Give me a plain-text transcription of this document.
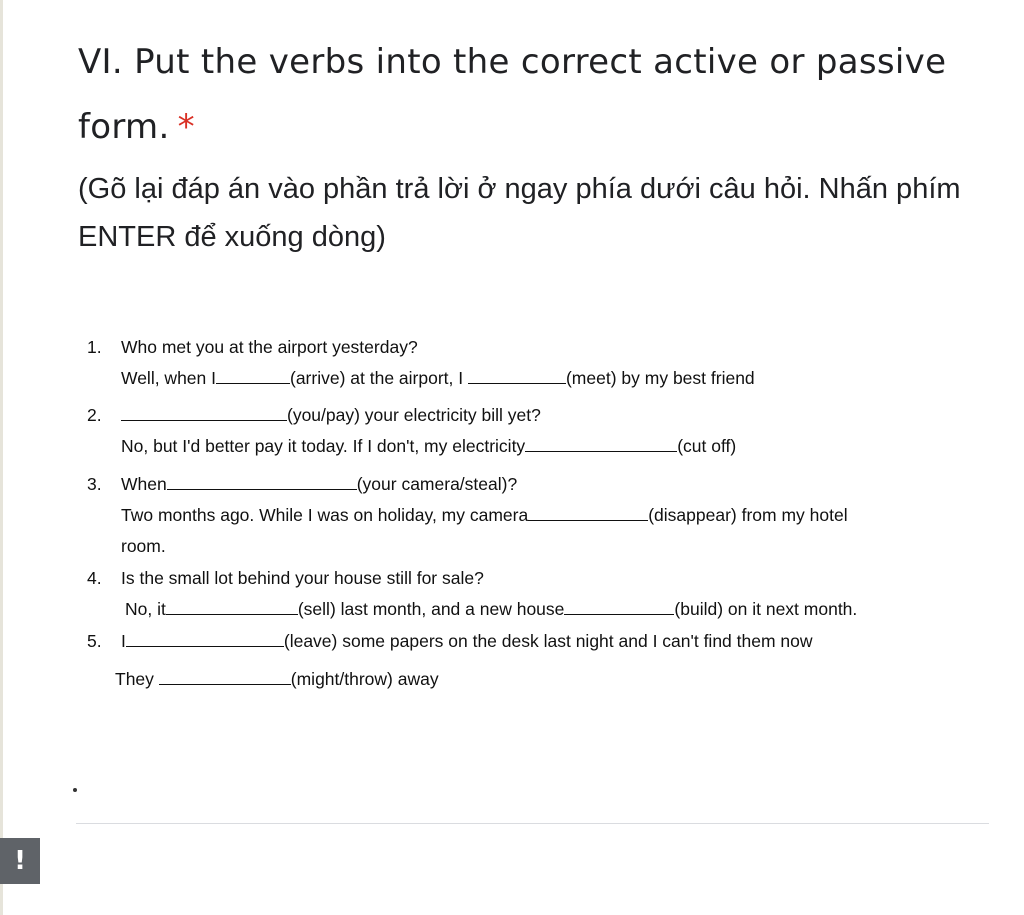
VI. Put the verbs into the correct active or passive form. *
(Gõ lại đáp án vào phần trả lời ở ngay phía dưới câu hỏi. Nhấn phím ENTER để xuống dòng)
1. Who met you at the airport yesterday?
Well, when I	(arrive) at the airport, I	(meet) by my best friend
2.	(you/pay) your electricity bill yet?
No, but I'd better pay it today. If I don't, my electricity	(cut off)
3. When	(your camera/steal)?
Two months ago. While I was on holiday, my camera	(disappear) from my hotel
room.
4. Is the small lot behind your house still for sale?
No, it	(sell) last month, and a new house	(build) on it next month.
5. I	(leave) some papers on the desk last night and I can't find them now
They	(might/throw) away
!
